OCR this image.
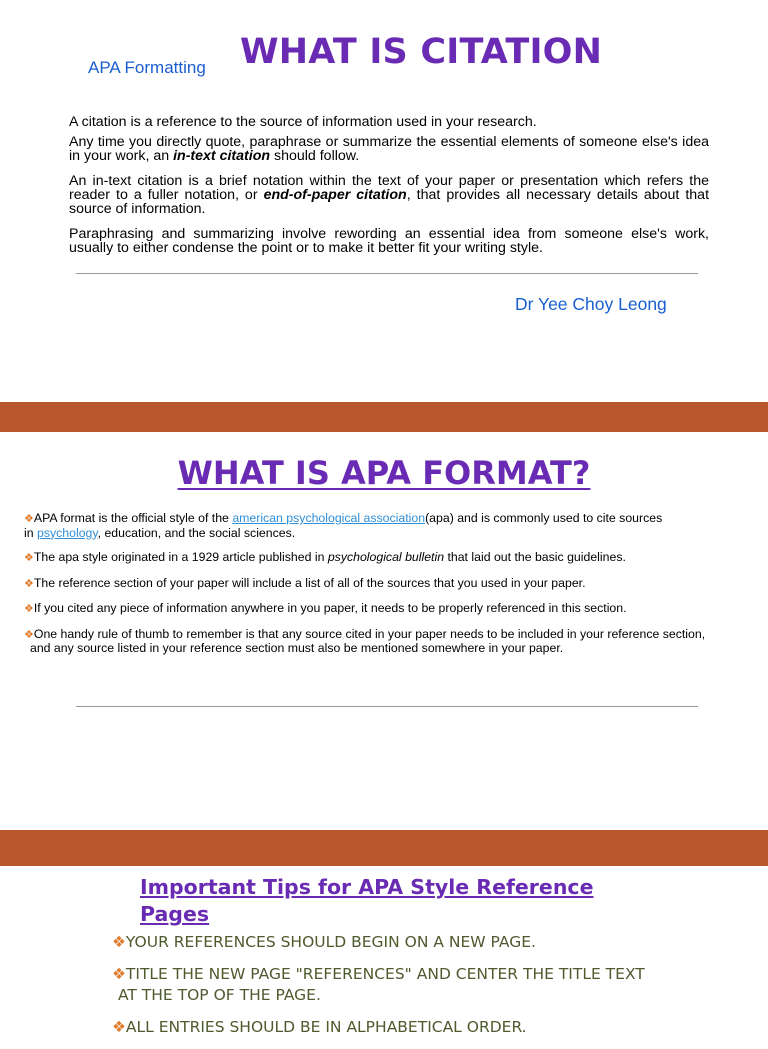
APA Formatting WHAT IS CITATION

A citation is a reference to the source of information used in your research.

Any time you directly quote, paraphrase or summarize the essential elements of someone else's idea in your work, an in-text citation should follow.

An in-text citation is a brief notation within the text of your paper or presentation which refers the reader to a fuller notation, or end-of-paper citation, that provides all necessary details about that source of information.

Paraphrasing and summarizing involve rewording an essential idea from someone else's work, usually to either condense the point or to make it better fit your writing style.

Dr Yee Choy Leong
WHAT IS APA FORMAT?
❖APA format is the official style of the american psychological association(apa) and is commonly used to cite sources
in psychology, education, and the social sciences.
❖The apa style originated in a 1929 article published in psychological bulletin that laid out the basic guidelines.
❖The reference section of your paper will include a list of all of the sources that you used in your paper.
❖If you cited any piece of information anywhere in you paper, it needs to be properly referenced in this section.
❖One handy rule of thumb to remember is that any source cited in your paper needs to be included in your reference section,
and any source listed in your reference section must also be mentioned somewhere in your paper.
Important Tips for APA Style Reference Pages
❖YOUR REFERENCES SHOULD BEGIN ON A NEW PAGE.
❖TITLE THE NEW PAGE "REFERENCES" AND CENTER THE TITLE TEXT
AT THE TOP OF THE PAGE.
❖ALL ENTRIES SHOULD BE IN ALPHABETICAL ORDER.
